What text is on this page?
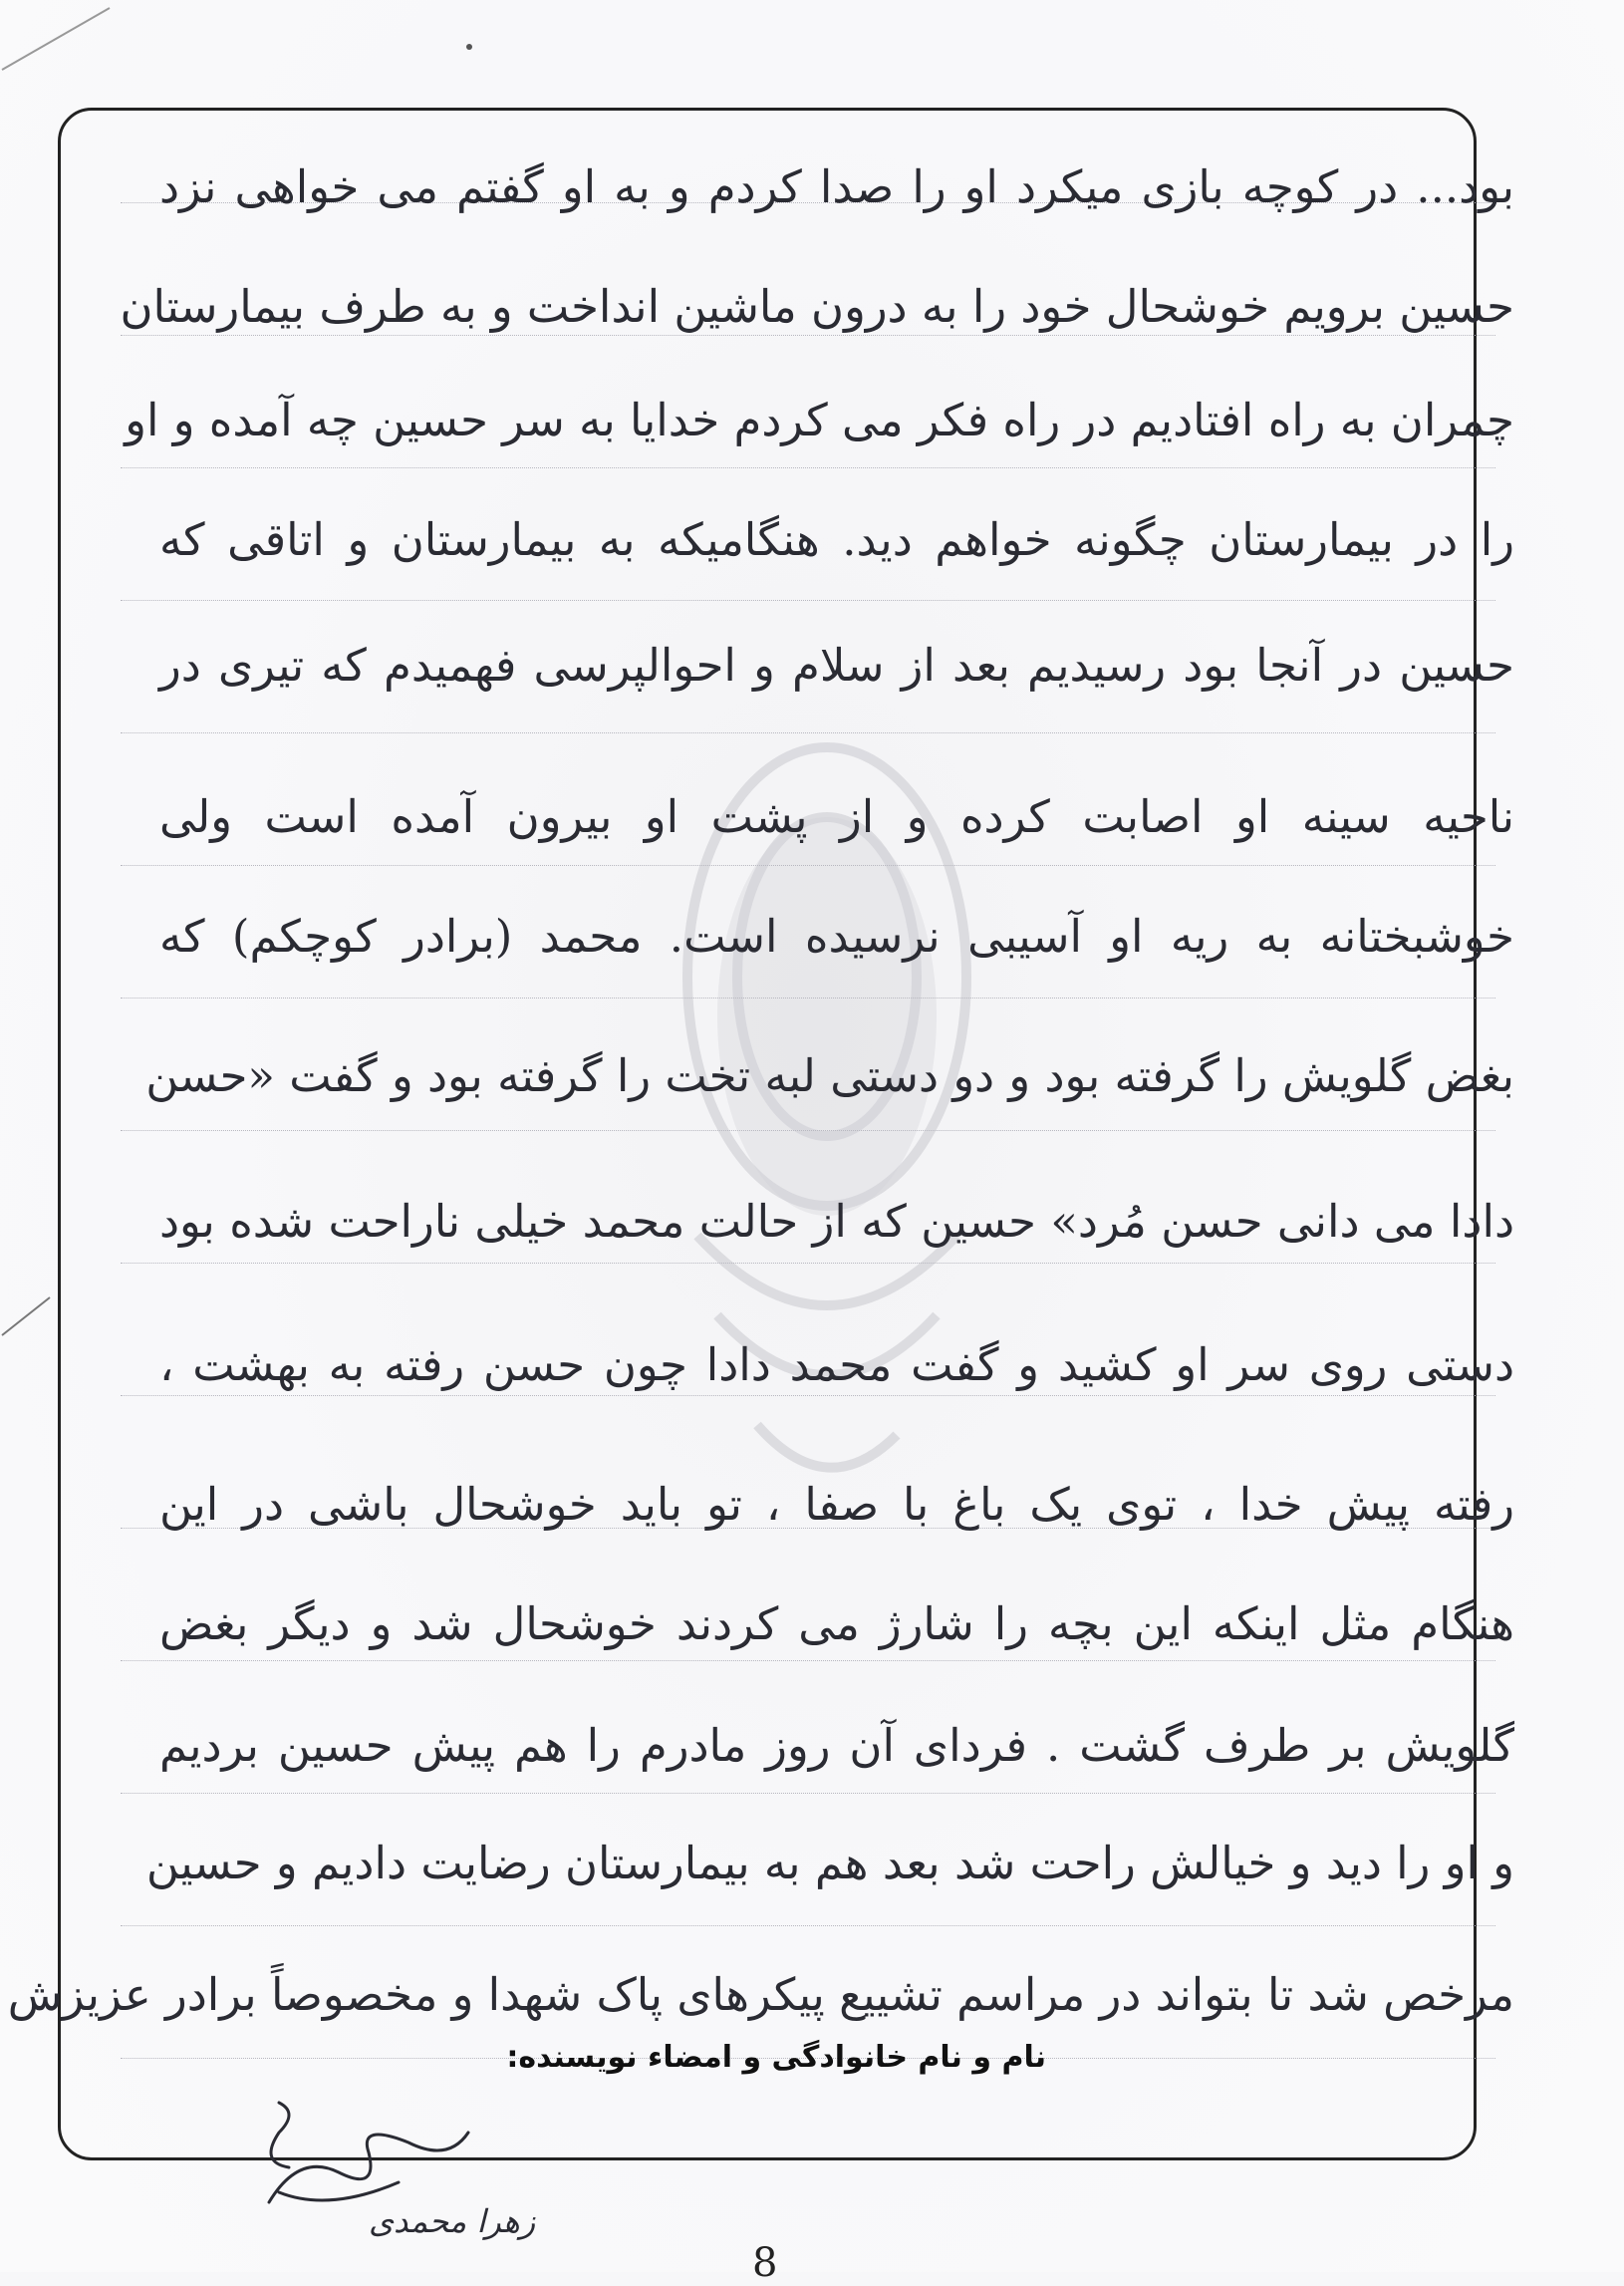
بود... در کوچه بازی میکرد او را صدا کردم و به او گفتم می خواهی نزد
حسین برویم خوشحال خود را به درون ماشین انداخت و به طرف بیمارستان
چمران به راه افتادیم در راه فکر می کردم خدایا به سر حسین چه آمده و او
را در بیمارستان چگونه خواهم دید. هنگامیکه به بیمارستان و اتاقی که
حسین در آنجا بود رسیدیم بعد از سلام و احوالپرسی فهمیدم که تیری در
ناحیه سینه او اصابت کرده و از پشت او بیرون آمده است ولی
خوشبختانه به ریه او آسیبی نرسیده است. محمد (برادر کوچکم) که
بغض گلویش را گرفته بود و دو دستی لبه تخت را گرفته بود و گفت «حسن
دادا می دانی حسن مُرد» حسین که از حالت محمد خیلی ناراحت شده بود
دستی روی سر او کشید و گفت محمد دادا چون حسن رفته به بهشت ،
رفته پیش خدا ، توی یک باغ با صفا ، تو باید خوشحال باشی در این
هنگام مثل اینکه این بچه را شارژ می کردند خوشحال شد و دیگر بغض
گلویش بر طرف گشت . فردای آن روز مادرم را هم پیش حسین بردیم
و او را دید و خیالش راحت شد بعد هم به بیمارستان رضایت دادیم و حسین
مرخص شد تا بتواند در مراسم تشییع پیکرهای پاک شهدا و مخصوصاً برادر عزیزش
نام و نام خانوادگی و امضاء نویسنده:
زهرا محمدی
8
